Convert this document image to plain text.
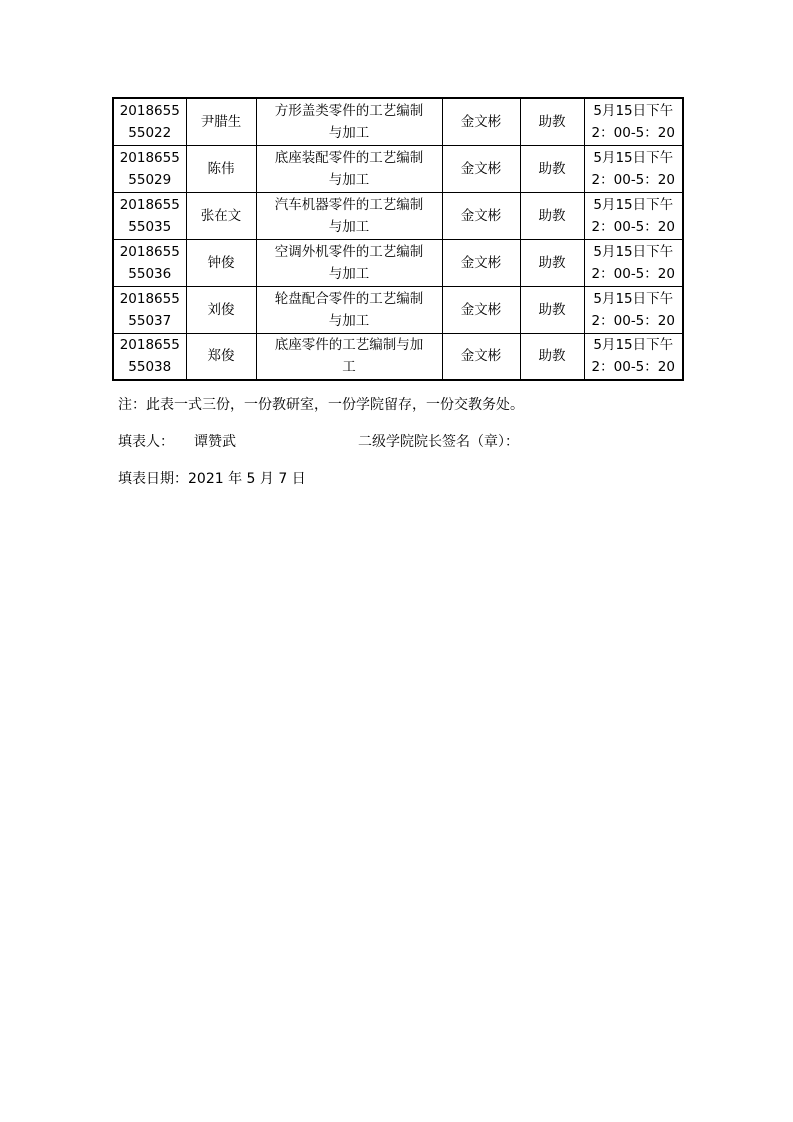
201865555022	尹腊生	方形盖类零件的工艺编制与加工	金文彬	助教	5月15日下午2：00-5：20
201865555029	陈伟	底座装配零件的工艺编制与加工	金文彬	助教	5月15日下午2：00-5：20
201865555035	张在文	汽车机器零件的工艺编制与加工	金文彬	助教	5月15日下午2：00-5：20
201865555036	钟俊	空调外机零件的工艺编制与加工	金文彬	助教	5月15日下午2：00-5：20
201865555037	刘俊	轮盘配合零件的工艺编制与加工	金文彬	助教	5月15日下午2：00-5：20
201865555038	郑俊	底座零件的工艺编制与加工	金文彬	助教	5月15日下午2：00-5：20
注：此表一式三份，一份教研室，一份学院留存，一份交教务处。
填表人： 谭赞武	二级学院院长签名（章）：
填表日期：2021 年 5 月 7 日
